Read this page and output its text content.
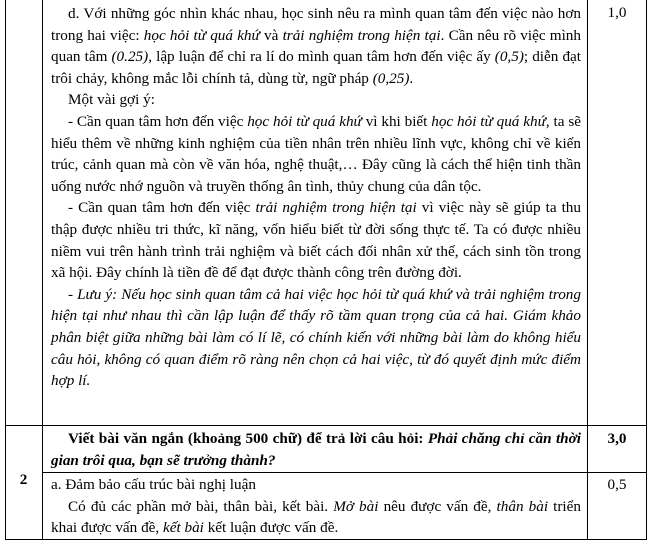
d. Với những góc nhìn khác nhau, học sinh nêu ra mình quan tâm đến việc nào hơn trong hai việc: học hỏi từ quá khứ và trải nghiệm trong hiện tại. Cần nêu rõ việc mình quan tâm (0.25), lập luận để chỉ ra lí do mình quan tâm hơn đến việc ấy (0,5); diễn đạt trôi chảy, không mắc lỗi chính tả, dùng từ, ngữ pháp (0,25).

Một vài gợi ý:

- Cần quan tâm hơn đến việc học hỏi từ quá khứ vì khi biết học hỏi từ quá khứ, ta sẽ hiểu thêm về những kinh nghiệm của tiền nhân trên nhiều lĩnh vực, không chỉ về kiến trúc, cảnh quan mà còn về văn hóa, nghệ thuật,… Đây cũng là cách thể hiện tinh thần uống nước nhớ nguồn và truyền thống ân tình, thủy chung của dân tộc.

- Cần quan tâm hơn đến việc trải nghiệm trong hiện tại vì việc này sẽ giúp ta thu thập được nhiều tri thức, kĩ năng, vốn hiểu biết từ đời sống thực tế. Ta có được nhiều niềm vui trên hành trình trải nghiệm và biết cách đối nhân xử thế, cách sinh tồn trong xã hội. Đây chính là tiền đề để đạt được thành công trên đường đời.

- Lưu ý: Nếu học sinh quan tâm cả hai việc học hỏi từ quá khứ và trải nghiệm trong hiện tại như nhau thì cần lập luận để thấy rõ tầm quan trọng của cả hai. Giám khảo phân biệt giữa những bài làm có lí lẽ, có chính kiến với những bài làm do không hiểu câu hỏi, không có quan điểm rõ ràng nên chọn cả hai việc, từ đó quyết định mức điểm hợp lí.

1,0

Viết bài văn ngắn (khoảng 500 chữ) để trả lời câu hỏi: Phải chăng chỉ cần thời gian trôi qua, bạn sẽ trưởng thành?

3,0
2	a. Đảm bảo cấu trúc bài nghị luận

Có đủ các phần mở bài, thân bài, kết bài. Mở bài nêu được vấn đề, thân bài triển khai được vấn đề, kết bài kết luận được vấn đề.

0,5
